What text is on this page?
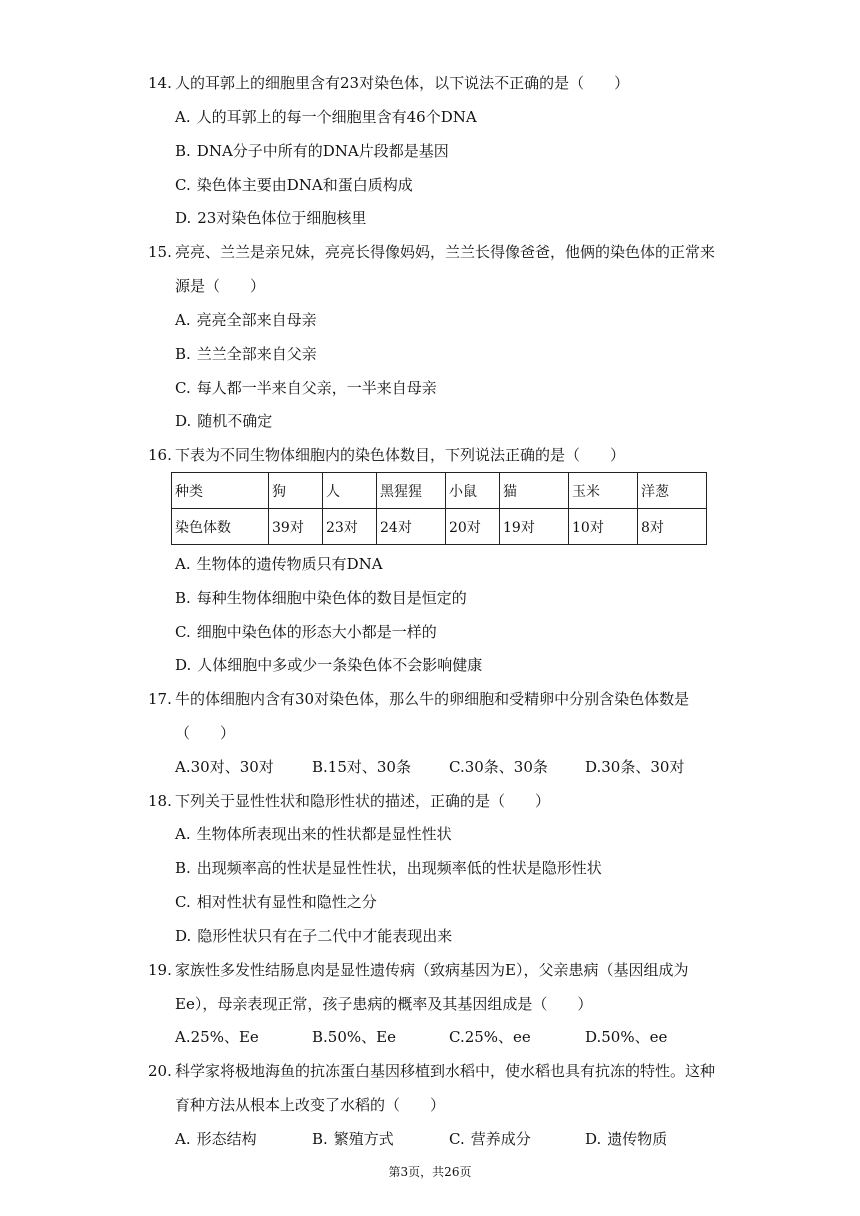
14. 人的耳郭上的细胞里含有23对染色体，以下说法不正确的是（　　）
A. 人的耳郭上的每一个细胞里含有46个DNA
B. DNA分子中所有的DNA片段都是基因
C. 染色体主要由DNA和蛋白质构成
D. 23对染色体位于细胞核里
15. 亮亮、兰兰是亲兄妹，亮亮长得像妈妈，兰兰长得像爸爸，他俩的染色体的正常来
源是（　　）
A. 亮亮全部来自母亲
B. 兰兰全部来自父亲
C. 每人都一半来自父亲，一半来自母亲
D. 随机不确定
16. 下表为不同生物体细胞内的染色体数目，下列说法正确的是（　　）
种类	狗	人	黑猩猩	小鼠	猫	玉米	洋葱
染色体数	39对	23对	24对	20对	19对	10对	8对
A. 生物体的遗传物质只有DNA
B. 每种生物体细胞中染色体的数目是恒定的
C. 细胞中染色体的形态大小都是一样的
D. 人体细胞中多或少一条染色体不会影响健康
17. 牛的体细胞内含有30对染色体，那么牛的卵细胞和受精卵中分别含染色体数是
（　　）
A.30对、30对	B.15对、30条	C.30条、30条 D.30条、30对
18. 下列关于显性性状和隐形性状的描述，正确的是（　　）
A. 生物体所表现出来的性状都是显性性状
B. 出现频率高的性状是显性性状，出现频率低的性状是隐形性状
C. 相对性状有显性和隐性之分
D. 隐形性状只有在子二代中才能表现出来
19. 家族性多发性结肠息肉是显性遗传病（致病基因为E），父亲患病（基因组成为
Ee），母亲表现正常，孩子患病的概率及其基因组成是（　　）
A.25%、Ee	B.50%、Ee	C.25%、ee	D.50%、ee
20. 科学家将极地海鱼的抗冻蛋白基因移植到水稻中，使水稻也具有抗冻的特性。这种
育种方法从根本上改变了水稻的（　　）
A. 形态结构	B. 繁殖方式	C. 营养成分	D. 遗传物质
第3页，共26页
